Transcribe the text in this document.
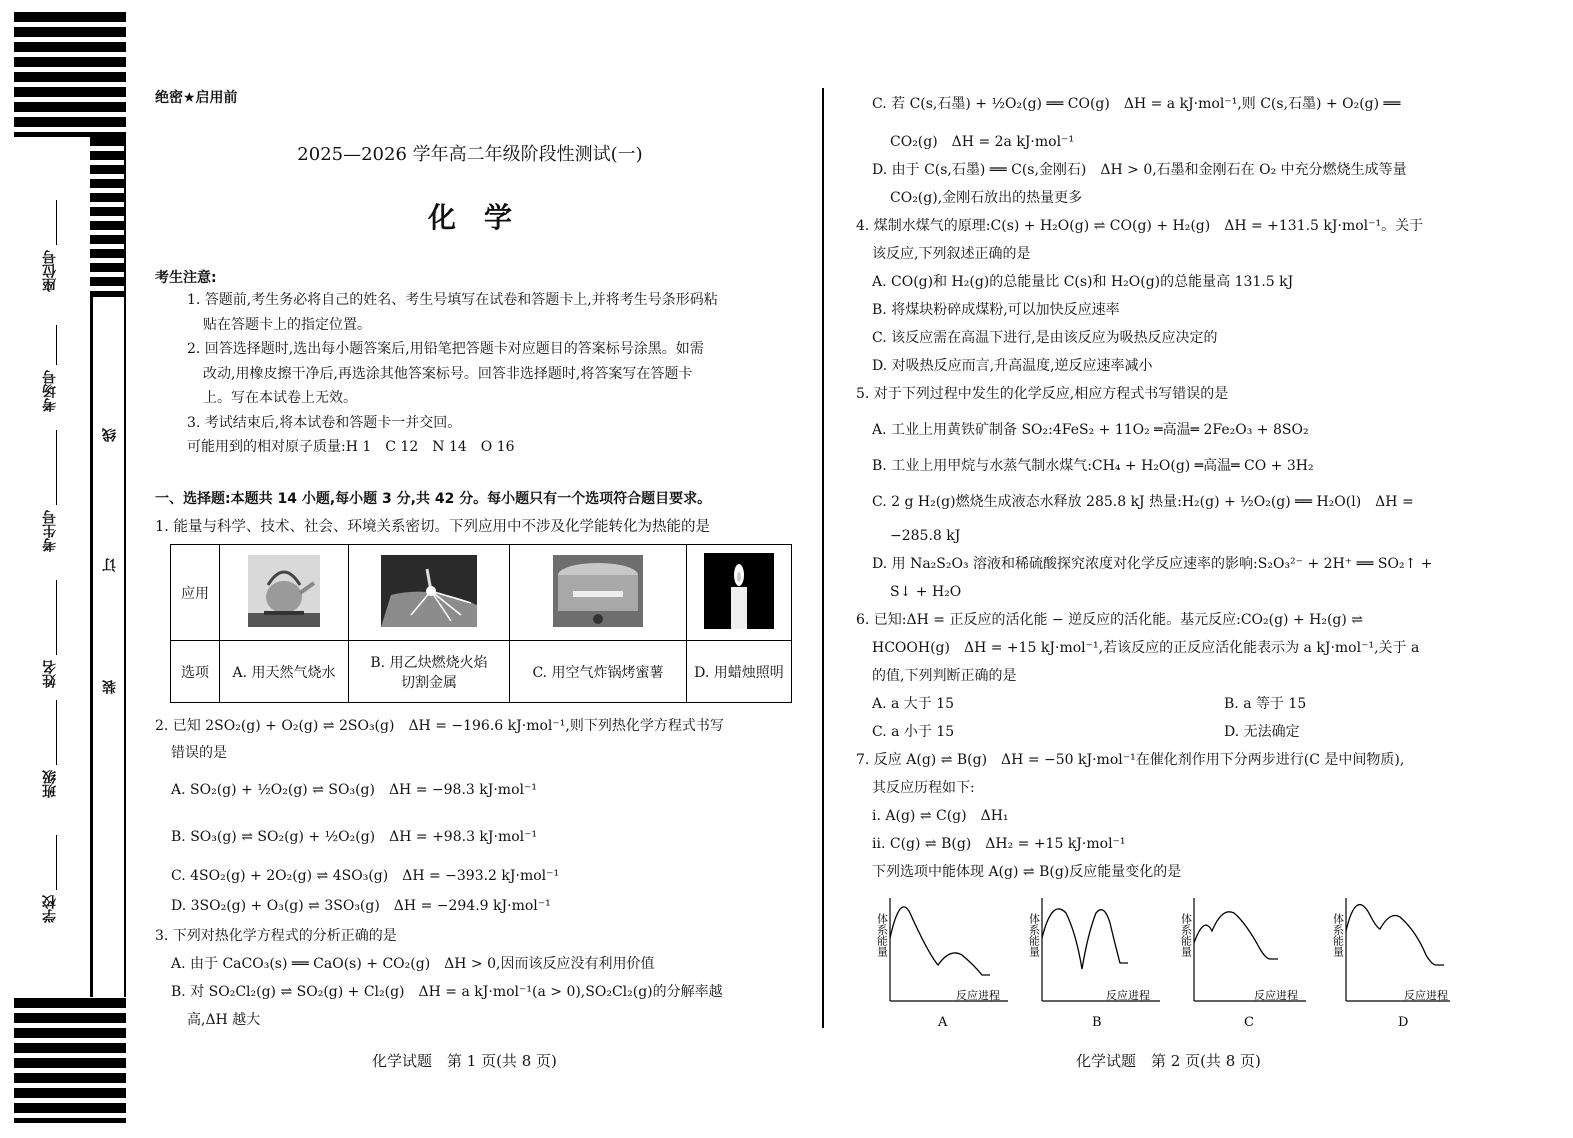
座位号
考场号
考生号
姓名
班级
学校
线
订
装
绝密★启用前
2025—2026 学年高二年级阶段性测试(一)
化　学
考生注意:
1. 答题前,考生务必将自己的姓名、考生号填写在试卷和答题卡上,并将考生号条形码粘
贴在答题卡上的指定位置。
2. 回答选择题时,选出每小题答案后,用铅笔把答题卡对应题目的答案标号涂黑。如需
改动,用橡皮擦干净后,再选涂其他答案标号。回答非选择题时,将答案写在答题卡
上。写在本试卷上无效。
3. 考试结束后,将本试卷和答题卡一并交回。
可能用到的相对原子质量:H 1　C 12　N 14　O 16
一、选择题:本题共 14 小题,每小题 3 分,共 42 分。每小题只有一个选项符合题目要求。
1. 能量与科学、技术、社会、环境关系密切。下列应用中不涉及化学能转化为热能的是
应用				
选项	A. 用天然气烧水	B. 用乙炔燃烧火焰
切割金属	C. 用空气炸锅烤蜜薯	D. 用蜡烛照明
2. 已知 2SO₂(g) + O₂(g) ⇌ 2SO₃(g)　ΔH = −196.6 kJ·mol⁻¹,则下列热化学方程式书写
错误的是
A. SO₂(g) + ½O₂(g) ⇌ SO₃(g)　ΔH = −98.3 kJ·mol⁻¹
B. SO₃(g) ⇌ SO₂(g) + ½O₂(g)　ΔH = +98.3 kJ·mol⁻¹
C. 4SO₂(g) + 2O₂(g) ⇌ 4SO₃(g)　ΔH = −393.2 kJ·mol⁻¹
D. 3SO₂(g) + O₃(g) ⇌ 3SO₃(g)　ΔH = −294.9 kJ·mol⁻¹
3. 下列对热化学方程式的分析正确的是
A. 由于 CaCO₃(s) ══ CaO(s) + CO₂(g)　ΔH > 0,因而该反应没有利用价值
B. 对 SO₂Cl₂(g) ⇌ SO₂(g) + Cl₂(g)　ΔH = a kJ·mol⁻¹(a > 0),SO₂Cl₂(g)的分解率越
高,ΔH 越大
C. 若 C(s,石墨) + ½O₂(g) ══ CO(g)　ΔH = a kJ·mol⁻¹,则 C(s,石墨) + O₂(g) ══
CO₂(g)　ΔH = 2a kJ·mol⁻¹
D. 由于 C(s,石墨) ══ C(s,金刚石)　ΔH > 0,石墨和金刚石在 O₂ 中充分燃烧生成等量
CO₂(g),金刚石放出的热量更多
4. 煤制水煤气的原理:C(s) + H₂O(g) ⇌ CO(g) + H₂(g)　ΔH = +131.5 kJ·mol⁻¹。关于
该反应,下列叙述正确的是
A. CO(g)和 H₂(g)的总能量比 C(s)和 H₂O(g)的总能量高 131.5 kJ
B. 将煤块粉碎成煤粉,可以加快反应速率
C. 该反应需在高温下进行,是由该反应为吸热反应决定的
D. 对吸热反应而言,升高温度,逆反应速率减小
5. 对于下列过程中发生的化学反应,相应方程式书写错误的是
A. 工业上用黄铁矿制备 SO₂:4FeS₂ + 11O₂ ═高温═ 2Fe₂O₃ + 8SO₂
B. 工业上用甲烷与水蒸气制水煤气:CH₄ + H₂O(g) ═高温═ CO + 3H₂
C. 2 g H₂(g)燃烧生成液态水释放 285.8 kJ 热量:H₂(g) + ½O₂(g) ══ H₂O(l)　ΔH =
−285.8 kJ
D. 用 Na₂S₂O₃ 溶液和稀硫酸探究浓度对化学反应速率的影响:S₂O₃²⁻ + 2H⁺ ══ SO₂↑ +
S↓ + H₂O
6. 已知:ΔH = 正反应的活化能 − 逆反应的活化能。基元反应:CO₂(g) + H₂(g) ⇌
HCOOH(g)　ΔH = +15 kJ·mol⁻¹,若该反应的正反应活化能表示为 a kJ·mol⁻¹,关于 a
的值,下列判断正确的是
A. a 大于 15	B. a 等于 15
C. a 小于 15	D. 无法确定
7. 反应 A(g) ⇌ B(g)　ΔH = −50 kJ·mol⁻¹在催化剂作用下分两步进行(C 是中间物质),
其反应历程如下:
ⅰ. A(g) ⇌ C(g)　ΔH₁
ⅱ. C(g) ⇌ B(g)　ΔH₂ = +15 kJ·mol⁻¹
下列选项中能体现 A(g) ⇌ B(g)反应能量变化的是
体系能量
反应进程
A
体系能量
反应进程
B
体系能量
反应进程
C
体系能量
反应进程
D
化学试题　第 1 页(共 8 页)	化学试题　第 2 页(共 8 页)
